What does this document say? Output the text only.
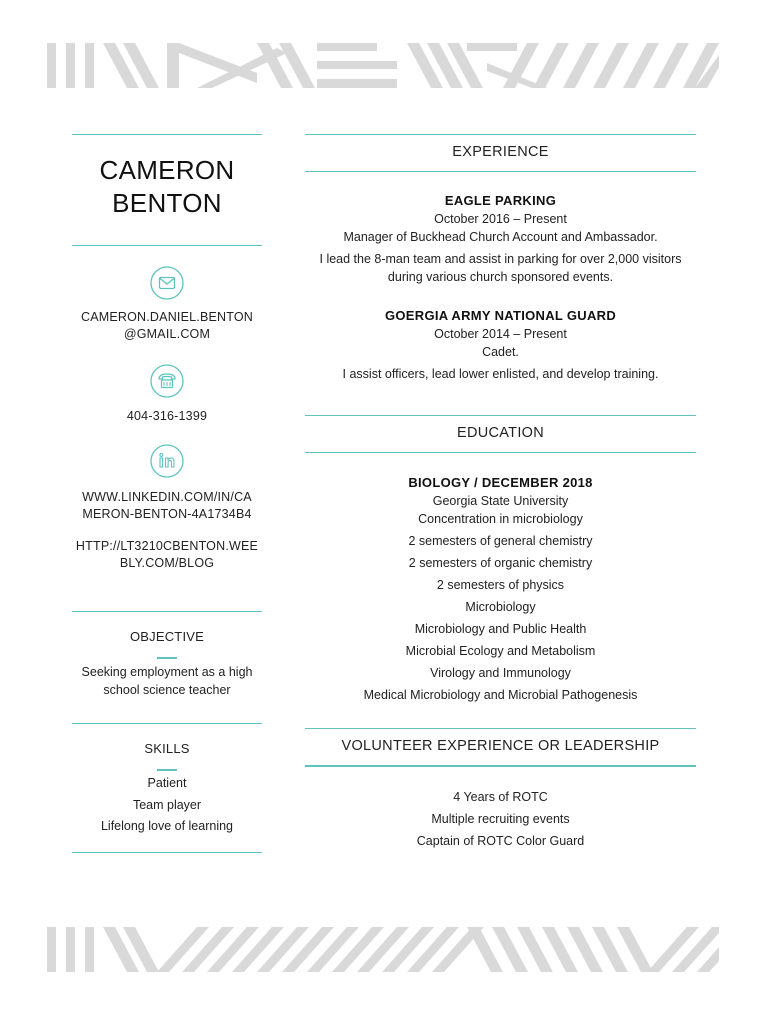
CAMERON
BENTON
CAMERON.DANIEL.BENTON
@GMAIL.COM
404-316-1399
WWW.LINKEDIN.COM/IN/CA
MERON-BENTON-4A1734B4
HTTP://LT3210CBENTON.WEE
BLY.COM/BLOG
OBJECTIVE
Seeking employment as a high
school science teacher
SKILLS
Patient
Team player
Lifelong love of learning
EXPERIENCE
EAGLE PARKING
October 2016 – Present
Manager of Buckhead Church Account and Ambassador.
I lead the 8-man team and assist in parking for over 2,000 visitors
during various church sponsored events.
GOERGIA ARMY NATIONAL GUARD
October 2014 – Present
Cadet.
I assist officers, lead lower enlisted, and develop training.
EDUCATION
BIOLOGY / DECEMBER 2018
Georgia State University
Concentration in microbiology
2 semesters of general chemistry
2 semesters of organic chemistry
2 semesters of physics
Microbiology
Microbiology and Public Health
Microbial Ecology and Metabolism
Virology and Immunology
Medical Microbiology and Microbial Pathogenesis
VOLUNTEER EXPERIENCE OR LEADERSHIP
4 Years of ROTC
Multiple recruiting events
Captain of ROTC Color Guard
